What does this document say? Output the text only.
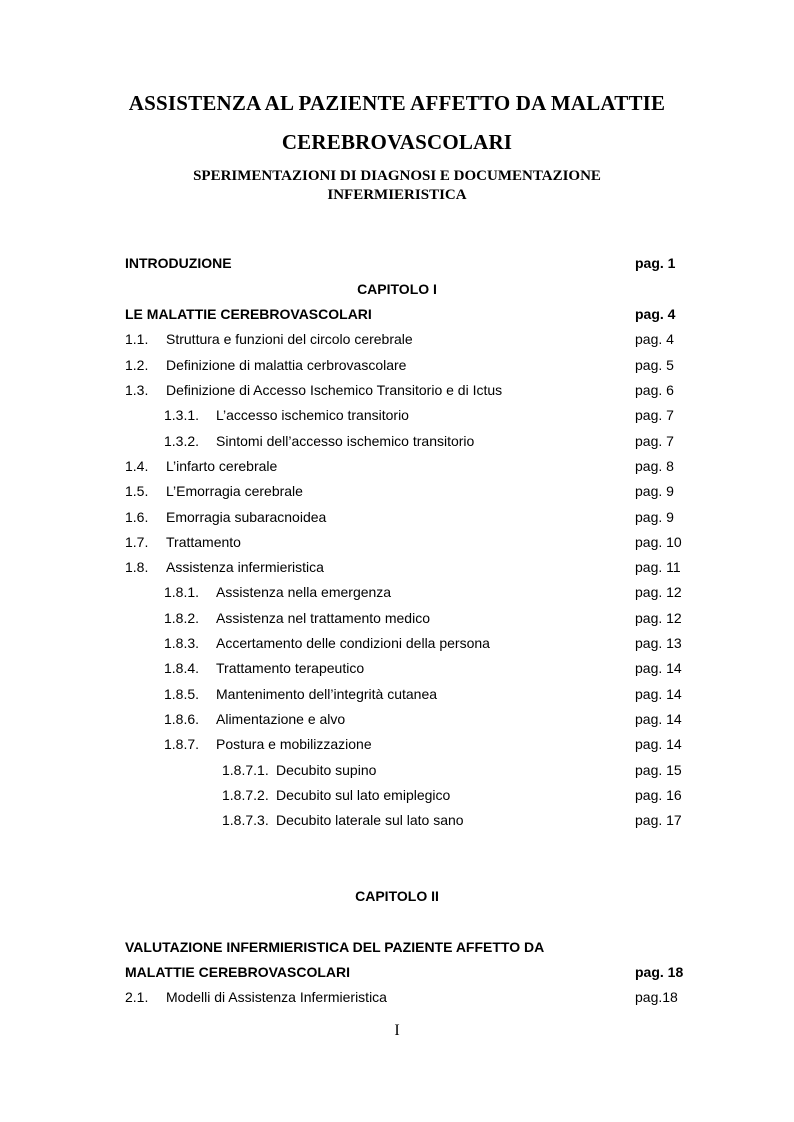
ASSISTENZA AL PAZIENTE AFFETTO DA MALATTIE
CEREBROVASCOLARI
SPERIMENTAZIONI DI DIAGNOSI E DOCUMENTAZIONE
INFERMIERISTICA
INTRODUZIONE	pag. 1
CAPITOLO I
LE MALATTIE CEREBROVASCOLARI	pag. 4
1.1. Struttura e funzioni del circolo cerebrale	pag. 4
1.2. Definizione di malattia cerbrovascolare	pag. 5
1.3. Definizione di Accesso Ischemico Transitorio e di Ictus	pag. 6
1.3.1. L’accesso ischemico transitorio	pag. 7
1.3.2. Sintomi dell’accesso ischemico transitorio	pag. 7
1.4. L’infarto cerebrale	pag. 8
1.5. L’Emorragia cerebrale	pag. 9
1.6. Emorragia subaracnoidea	pag. 9
1.7. Trattamento	pag. 10
1.8. Assistenza infermieristica	pag. 11
1.8.1. Assistenza nella emergenza	pag. 12
1.8.2. Assistenza nel trattamento medico	pag. 12
1.8.3. Accertamento delle condizioni della persona	pag. 13
1.8.4. Trattamento terapeutico	pag. 14
1.8.5. Mantenimento dell’integrità cutanea	pag. 14
1.8.6. Alimentazione e alvo	pag. 14
1.8.7. Postura e mobilizzazione	pag. 14
1.8.7.1. Decubito supino	pag. 15
1.8.7.2. Decubito sul lato emiplegico	pag. 16
1.8.7.3. Decubito laterale sul lato sano	pag. 17
CAPITOLO II
VALUTAZIONE INFERMIERISTICA DEL PAZIENTE AFFETTO DA
MALATTIE CEREBROVASCOLARI	pag. 18
2.1. Modelli di Assistenza Infermieristica	pag.18
I
